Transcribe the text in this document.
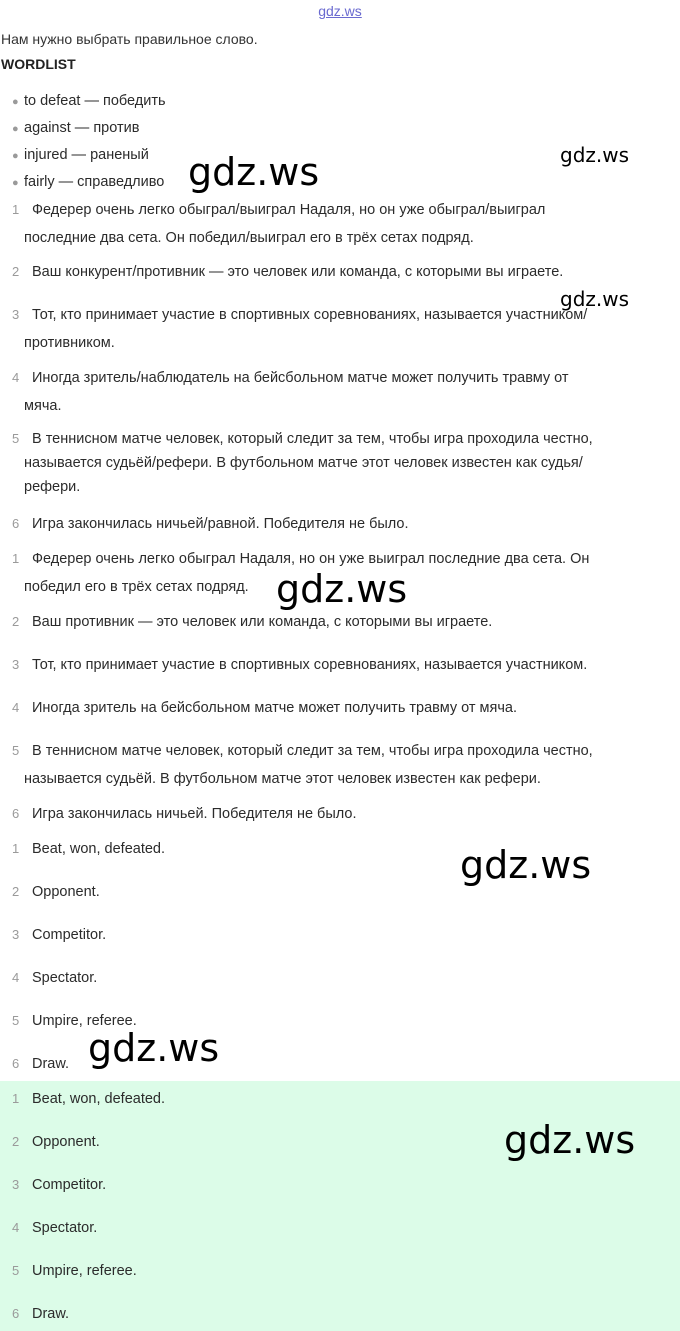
gdz.ws
Нам нужно выбрать правильное слово.
WORDLIST
● to defeat — победить
● against — против
● injured — раненый
● fairly — справедливо
1 Федерер очень легко обыграл/выиграл Надаля, но он уже обыграл/выиграл
последние два сета. Он победил/выиграл его в трёх сетах подряд.
2 Ваш конкурент/противник — это человек или команда, с которыми вы играете.
3 Тот, кто принимает участие в спортивных соревнованиях, называется участником/
противником.
4 Иногда зритель/наблюдатель на бейсбольном матче может получить травму от
мяча.
5 В теннисном матче человек, который следит за тем, чтобы игра проходила честно,
называется судьёй/рефери. В футбольном матче этот человек известен как судья/
рефери.
6 Игра закончилась ничьей/равной. Победителя не было.
1 Федерер очень легко обыграл Надаля, но он уже выиграл последние два сета. Он
победил его в трёх сетах подряд.
2 Ваш противник — это человек или команда, с которыми вы играете.
3 Тот, кто принимает участие в спортивных соревнованиях, называется участником.
4 Иногда зритель на бейсбольном матче может получить травму от мяча.
5 В теннисном матче человек, который следит за тем, чтобы игра проходила честно,
называется судьёй. В футбольном матче этот человек известен как рефери.
6 Игра закончилась ничьей. Победителя не было.
1 Beat, won, defeated.
2 Opponent.
3 Competitor.
4 Spectator.
5 Umpire, referee.
6 Draw.
1 Beat, won, defeated.
2 Opponent.
3 Competitor.
4 Spectator.
5 Umpire, referee.
6 Draw.
gdz.ws	gdz.ws
gdz.ws
gdz.ws
gdz.ws
gdz.ws
gdz.ws
